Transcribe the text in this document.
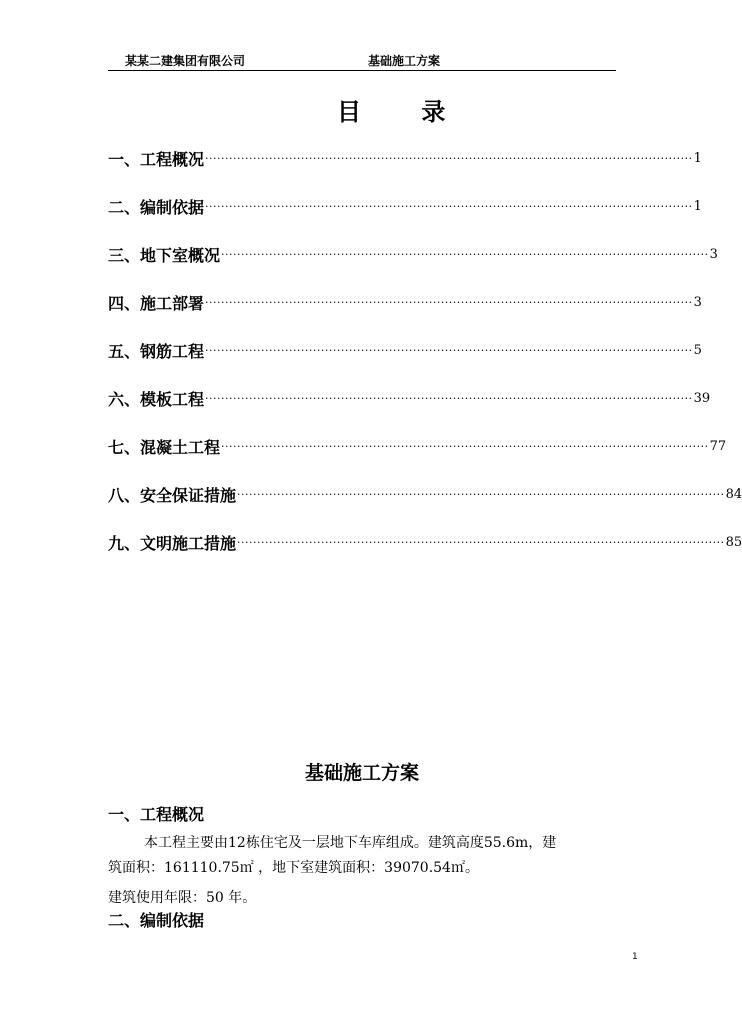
某某二建集团有限公司	基础施工方案
目 录
一、工程概况 ·························································································································· 1
二、编制依据 ·························································································································· 1
三、地下室概况 ·························································································································· 3
四、施工部署 ·························································································································· 3
五、钢筋工程 ·························································································································· 5
六、模板工程 ·························································································································· 39
七、混凝土工程 ·························································································································· 77
八、安全保证措施 ·························································································································· 84
九、文明施工措施 ·························································································································· 85
基础施工方案
一、工程概况
本工程主要由12栋住宅及一层地下车库组成。建筑高度55.6m，建
筑面积：161110.75㎡ ，地下室建筑面积：39070.54㎡。
建筑使用年限：50 年。
二、编制依据
1
